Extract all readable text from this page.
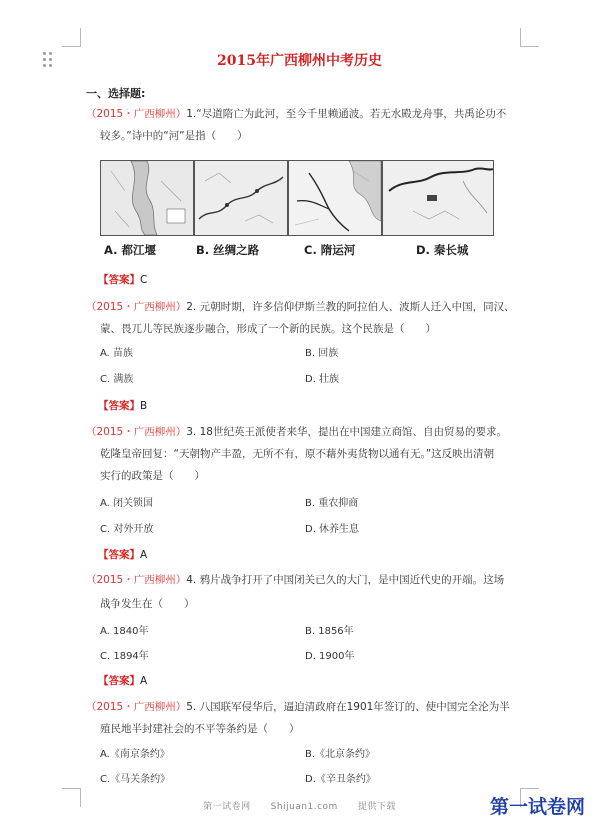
2015年广西柳州中考历史
一、选择题:
（2015・广西柳州）1.“尽道隋亡为此河，至今千里赖通波。若无水殿龙舟事，共禹论功不
较多。”诗中的“河”是指（　　）
A. 都江堰	B. 丝绸之路	C. 隋运河	D. 秦长城
【答案】C
（2015・广西柳州）2. 元朝时期，许多信仰伊斯兰教的阿拉伯人、波斯人迁入中国，同汉、
蒙、畏兀儿等民族逐步融合，形成了一个新的民族。这个民族是（　　）
A. 苗族	B. 回族
C. 满族	D. 壮族
【答案】B
（2015・广西柳州）3. 18世纪英王派使者来华，提出在中国建立商馆、自由贸易的要求。
乾隆皇帝回复：“天朝物产丰盈，无所不有，原不藉外夷货物以通有无。”这反映出清朝
实行的政策是（　　）
A. 闭关锁国	B. 重农抑商
C. 对外开放	D. 休养生息
【答案】A
（2015・广西柳州）4. 鸦片战争打开了中国闭关已久的大门，是中国近代史的开端。这场
战争发生在（　　）
A. 1840年	B. 1856年
C. 1894年	D. 1900年
【答案】A
（2015・广西柳州）5. 八国联军侵华后，逼迫清政府在1901年签订的、使中国完全沦为半
殖民地半封建社会的不平等条约是（　　）
A.《南京条约》	B.《北京条约》
C.《马关条约》	D.《辛丑条约》
第一试卷网 Shijuan1.com 提供下载	第一试卷网
